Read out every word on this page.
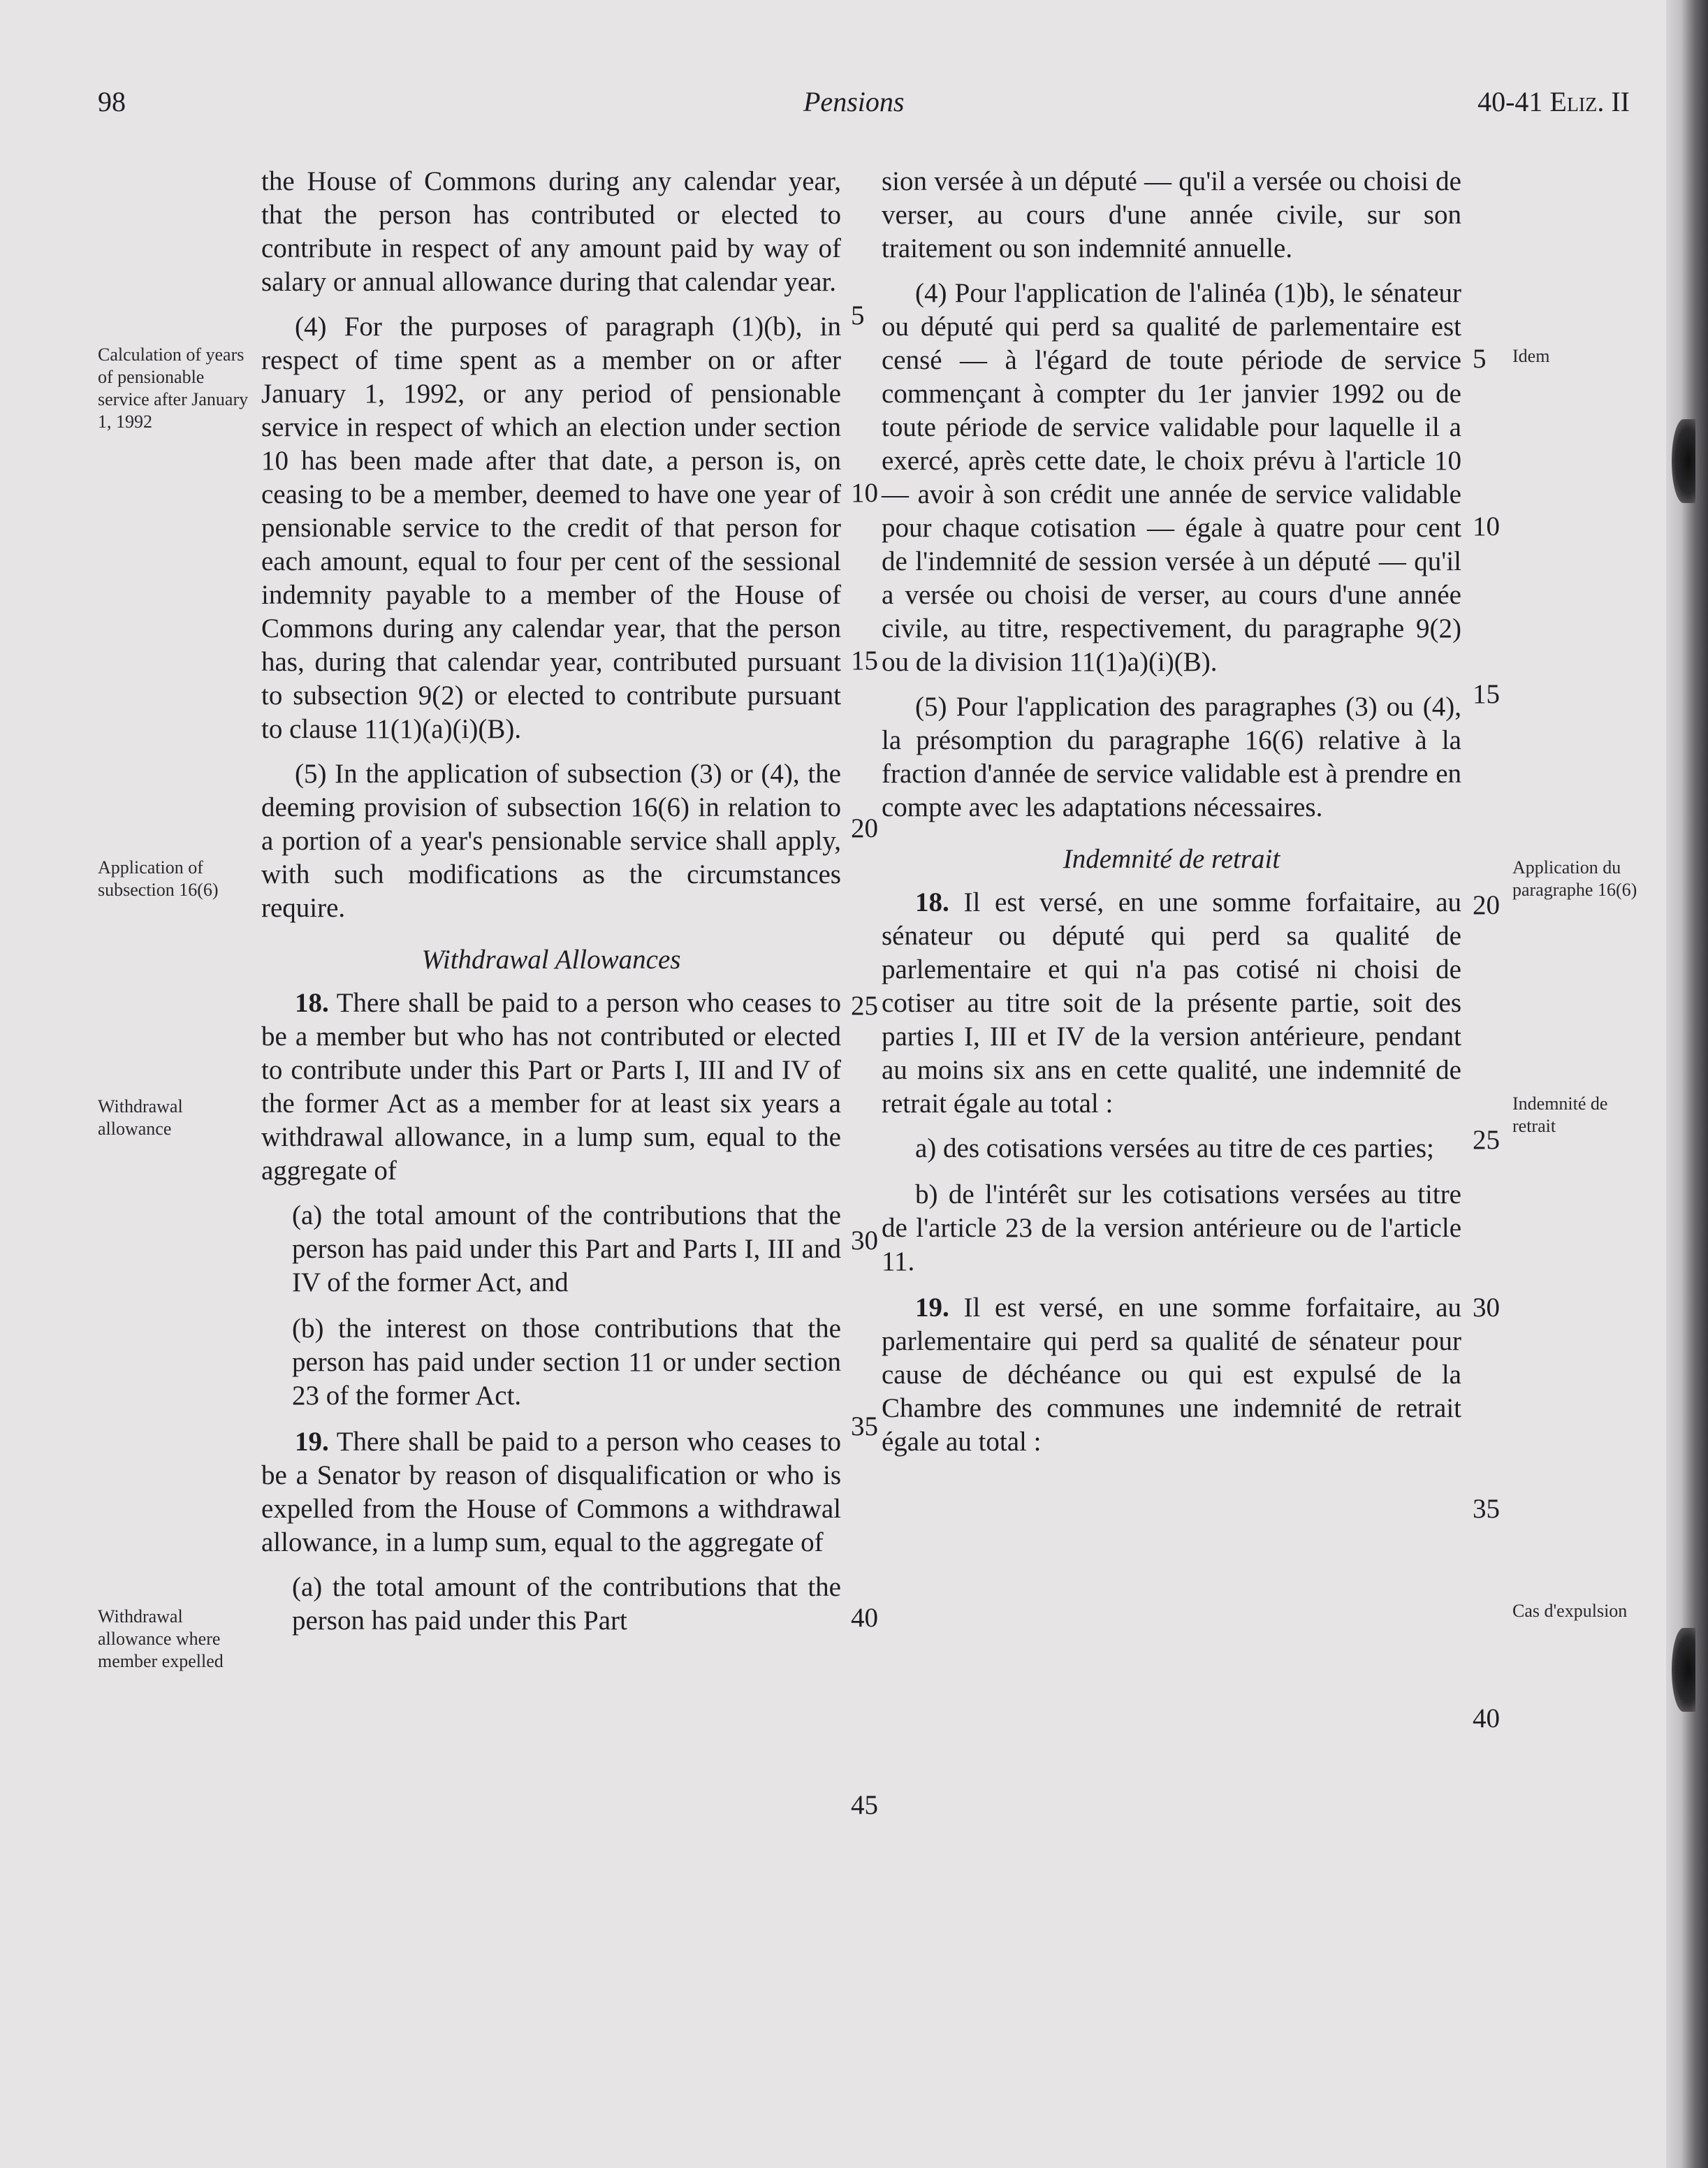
98	Pensions	40-41 Eliz. II
Calculation of years of pensionable service after January 1, 1992
Application of subsection 16(6)
Withdrawal allowance
Withdrawal allowance where member expelled
Idem
Application du paragraphe 16(6)
Indemnité de retrait
Cas d'expulsion

the House of Commons during any calendar year, that the person has contributed or elected to contribute in respect of any amount paid by way of salary or annual allowance during that calendar year.

(4) For the purposes of paragraph (1)(b), in respect of time spent as a member on or after January 1, 1992, or any period of pensionable service in respect of which an election under section 10 has been made after that date, a person is, on ceasing to be a member, deemed to have one year of pensionable service to the credit of that person for each amount, equal to four per cent of the sessional indemnity payable to a member of the House of Commons during any calendar year, that the person has, during that calendar year, contributed pursuant to subsection 9(2) or elected to contribute pursuant to clause 11(1)(a)(i)(B).

(5) In the application of subsection (3) or (4), the deeming provision of subsection 16(6) in relation to a portion of a year's pensionable service shall apply, with such modifications as the circumstances require.

Withdrawal Allowances

18. There shall be paid to a person who ceases to be a member but who has not contributed or elected to contribute under this Part or Parts I, III and IV of the former Act as a member for at least six years a withdrawal allowance, in a lump sum, equal to the aggregate of

(a) the total amount of the contributions that the person has paid under this Part and Parts I, III and IV of the former Act, and

(b) the interest on those contributions that the person has paid under section 11 or under section 23 of the former Act.

19. There shall be paid to a person who ceases to be a Senator by reason of disqualification or who is expelled from the House of Commons a withdrawal allowance, in a lump sum, equal to the aggregate of

(a) the total amount of the contributions that the person has paid under this Part

sion versée à un député — qu'il a versée ou choisi de verser, au cours d'une année civile, sur son traitement ou son indemnité annuelle.

(4) Pour l'application de l'alinéa (1)b), le sénateur ou député qui perd sa qualité de parlementaire est censé — à l'égard de toute période de service commençant à compter du 1er janvier 1992 ou de toute période de service validable pour laquelle il a exercé, après cette date, le choix prévu à l'article 10 — avoir à son crédit une année de service validable pour chaque cotisation — égale à quatre pour cent de l'indemnité de session versée à un député — qu'il a versée ou choisi de verser, au cours d'une année civile, au titre, respectivement, du paragraphe 9(2) ou de la division 11(1)a)(i)(B).

(5) Pour l'application des paragraphes (3) ou (4), la présomption du paragraphe 16(6) relative à la fraction d'année de service validable est à prendre en compte avec les adaptations nécessaires.

Indemnité de retrait

18. Il est versé, en une somme forfaitaire, au sénateur ou député qui perd sa qualité de parlementaire et qui n'a pas cotisé ni choisi de cotiser au titre soit de la présente partie, soit des parties I, III et IV de la version antérieure, pendant au moins six ans en cette qualité, une indemnité de retrait égale au total :

a) des cotisations versées au titre de ces parties;

b) de l'intérêt sur les cotisations versées au titre de l'article 23 de la version antérieure ou de l'article 11.

19. Il est versé, en une somme forfaitaire, au parlementaire qui perd sa qualité de sénateur pour cause de déchéance ou qui est expulsé de la Chambre des communes une indemnité de retrait égale au total :

5
10
15
20
25
30
35
40
45
5
10
15
20
25
30
35
40
